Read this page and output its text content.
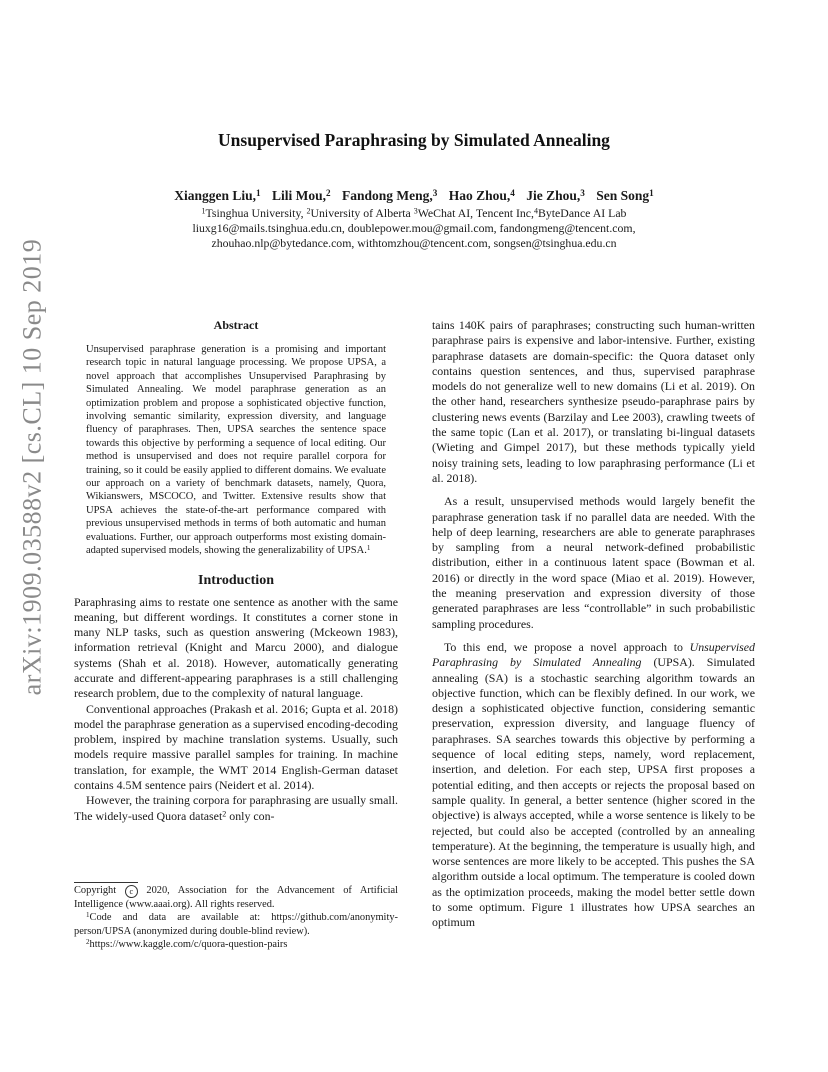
arXiv:1909.03588v2 [cs.CL] 10 Sep 2019
Unsupervised Paraphrasing by Simulated Annealing
Xianggen Liu,$^1$ Lili Mou,$^2$ Fandong Meng,$^3$ Hao Zhou,$^4$ Jie Zhou,$^3$ Sen Song$^1$
$^1$Tsinghua University, $^2$University of Alberta $^3$WeChat AI, Tencent Inc,$^4$ByteDance AI Lab
liuxg16@mails.tsinghua.edu.cn, doublepower.mou@gmail.com, fandongmeng@tencent.com,
zhouhao.nlp@bytedance.com, withtomzhou@tencent.com, songsen@tsinghua.edu.cn
Abstract

Unsupervised paraphrase generation is a promising and important research topic in natural language processing. We propose UPSA, a novel approach that accomplishes Unsupervised Paraphrasing by Simulated Annealing. We model paraphrase generation as an optimization problem and propose a sophisticated objective function, involving semantic similarity, expression diversity, and language fluency of paraphrases. Then, UPSA searches the sentence space towards this objective by performing a sequence of local editing. Our method is unsupervised and does not require parallel corpora for training, so it could be easily applied to different domains. We evaluate our approach on a variety of benchmark datasets, namely, Quora, Wikianswers, MSCOCO, and Twitter. Extensive results show that UPSA achieves the state-of-the-art performance compared with previous unsupervised methods in terms of both automatic and human evaluations. Further, our approach outperforms most existing domain-adapted supervised models, showing the generalizability of UPSA.$^1$

Introduction

Paraphrasing aims to restate one sentence as another with the same meaning, but different wordings. It constitutes a corner stone in many NLP tasks, such as question answering (Mckeown 1983), information retrieval (Knight and Marcu 2000), and dialogue systems (Shah et al. 2018). However, automatically generating accurate and different-appearing paraphrases is a still challenging research problem, due to the complexity of natural language.

Conventional approaches (Prakash et al. 2016; Gupta et al. 2018) model the paraphrase generation as a supervised encoding-decoding problem, inspired by machine translation systems. Usually, such models require massive parallel samples for training. In machine translation, for example, the WMT 2014 English-German dataset contains 4.5M sentence pairs (Neidert et al. 2014).

However, the training corpora for paraphrasing are usually small. The widely-used Quora dataset$^2$ only con-

tains 140K pairs of paraphrases; constructing such human-written paraphrase pairs is expensive and labor-intensive. Further, existing paraphrase datasets are domain-specific: the Quora dataset only contains question sentences, and thus, supervised paraphrase models do not generalize well to new domains (Li et al. 2019). On the other hand, researchers synthesize pseudo-paraphrase pairs by clustering news events (Barzilay and Lee 2003), crawling tweets of the same topic (Lan et al. 2017), or translating bi-lingual datasets (Wieting and Gimpel 2017), but these methods typically yield noisy training sets, leading to low paraphrasing performance (Li et al. 2018).

As a result, unsupervised methods would largely benefit the paraphrase generation task if no parallel data are needed. With the help of deep learning, researchers are able to generate paraphrases by sampling from a neural network-defined probabilistic distribution, either in a continuous latent space (Bowman et al. 2016) or directly in the word space (Miao et al. 2019). However, the meaning preservation and expression diversity of those generated paraphrases are less “controllable” in such probabilistic sampling procedures.

To this end, we propose a novel approach to Unsupervised Paraphrasing by Simulated Annealing (UPSA). Simulated annealing (SA) is a stochastic searching algorithm towards an objective function, which can be flexibly defined. In our work, we design a sophisticated objective function, considering semantic preservation, expression diversity, and language fluency of paraphrases. SA searches towards this objective by performing a sequence of local editing steps, namely, word replacement, insertion, and deletion. For each step, UPSA first proposes a potential editing, and then accepts or rejects the proposal based on sample quality. In general, a better sentence (higher scored in the objective) is always accepted, while a worse sentence is likely to be rejected, but could also be accepted (controlled by an annealing temperature). At the beginning, the temperature is usually high, and worse sentences are more likely to be accepted. This pushes the SA algorithm outside a local optimum. The temperature is cooled down as the optimization proceeds, making the model better settle down to some optimum. Figure 1 illustrates how UPSA searches an optimum

Copyright c 2020, Association for the Advancement of Artificial Intelligence (www.aaai.org). All rights reserved.

$^1$Code and data are available at: https://github.com/anonymity-person/UPSA (anonymized during double-blind review).

$^2$https://www.kaggle.com/c/quora-question-pairs
